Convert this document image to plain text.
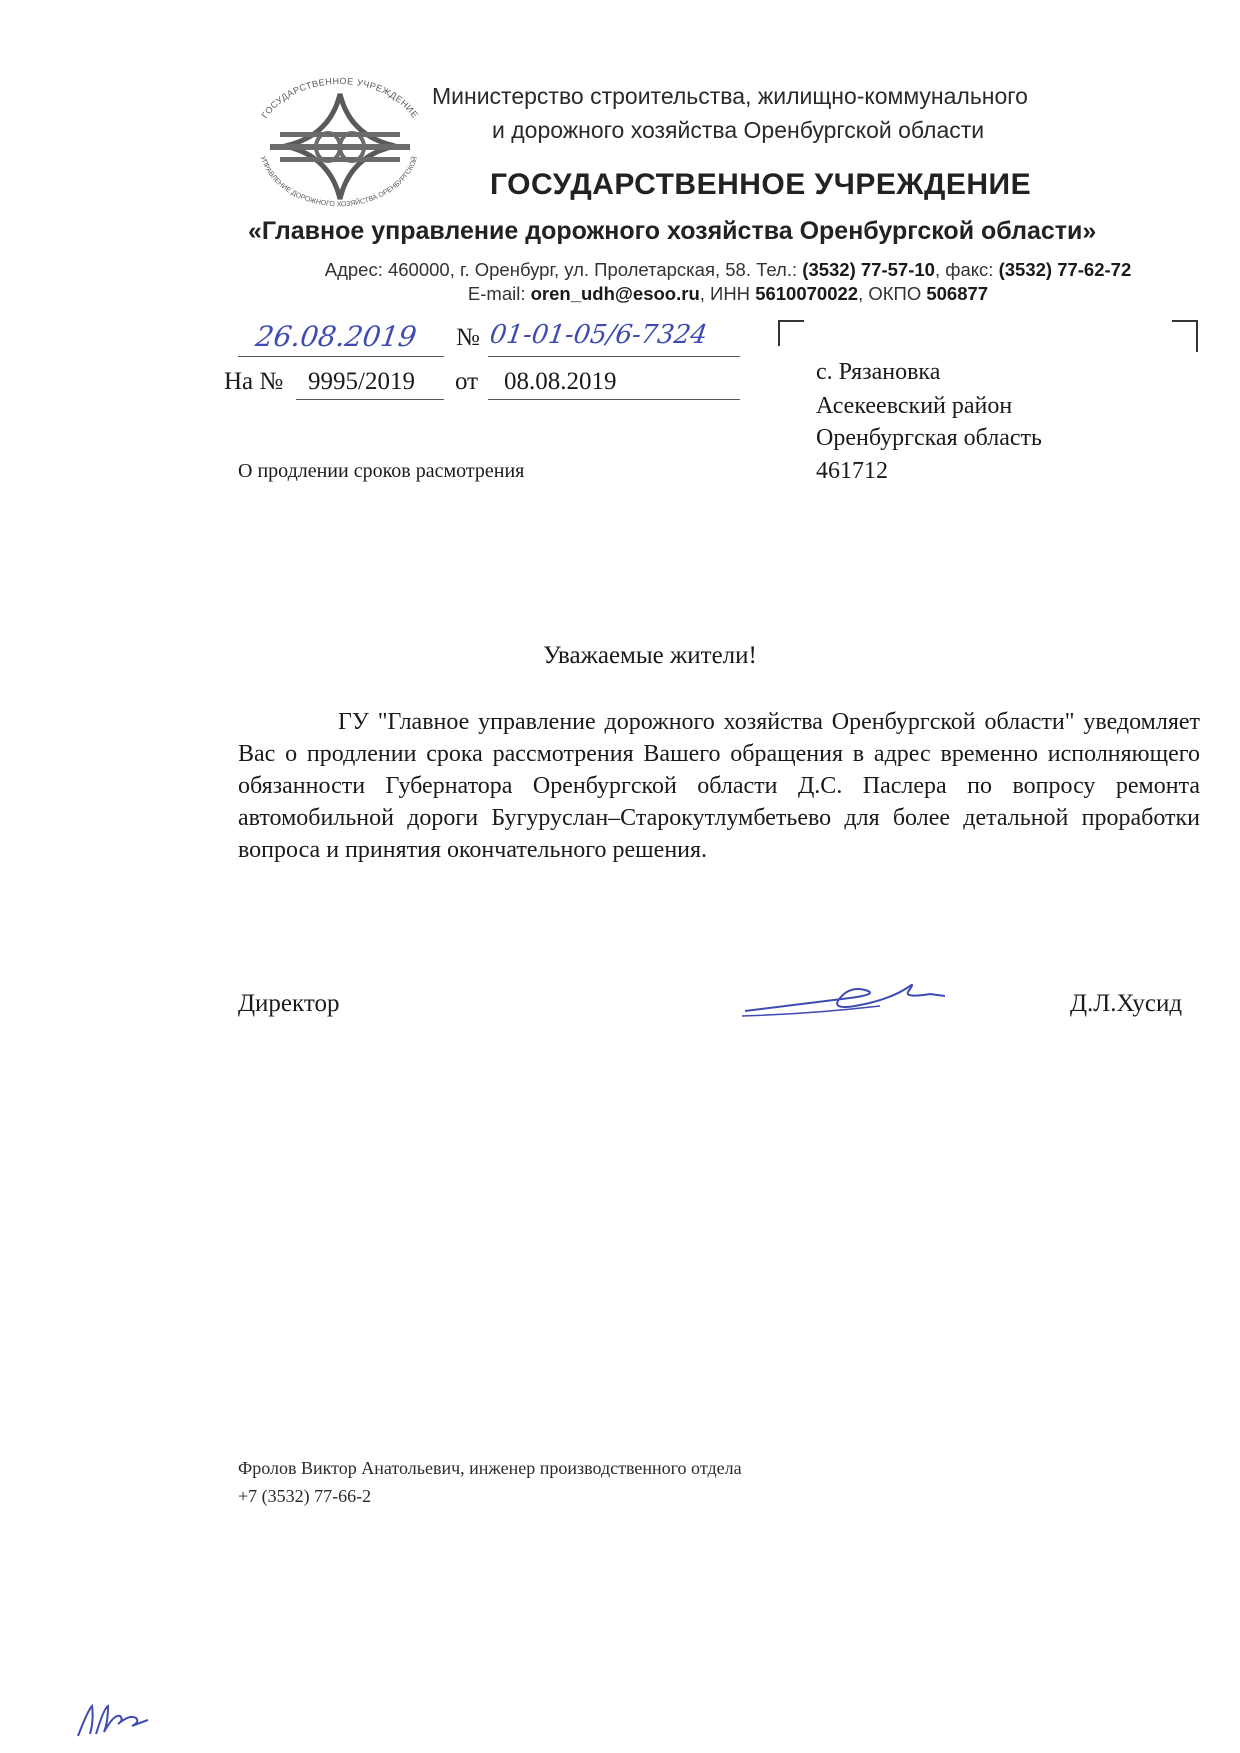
ГОСУДАРСТВЕННОЕ УЧРЕЖДЕНИЕ
УПРАВЛЕНИЕ ДОРОЖНОГО ХОЗЯЙСТВА ОРЕНБУРГСКОЙ
Министерство строительства, жилищно-коммунального
и дорожного хозяйства Оренбургской области
ГОСУДАРСТВЕННОЕ УЧРЕЖДЕНИЕ
«Главное управление дорожного хозяйства Оренбургской области»
Адрес: 460000, г. Оренбург, ул. Пролетарская, 58. Тел.: (3532) 77-57-10, факс: (3532) 77-62-72
E-mail: oren_udh@esoo.ru, ИНН 5610070022, ОКПО 506877
26.08.2019 № 01-01-05/6-7324
На № 9995/2019 от 08.08.2019	с. Рязановка
Асекеевский район
Оренбургская область
461712
О продлении сроков расмотрения
Уважаемые жители!
ГУ "Главное управление дорожного хозяйства Оренбургской области" уведомляет Вас о продлении срока рассмотрения Вашего обращения в адрес временно исполняющего обязанности Губернатора Оренбургской области Д.С. Паслера по вопросу ремонта автомобильной дороги Бугуруслан–Старокутлумбетьево для более детальной проработки вопроса и принятия окончательного решения.
Директор	Д.Л.Хусид
Фролов Виктор Анатольевич, инженер производственного отдела
+7 (3532) 77-66-2
